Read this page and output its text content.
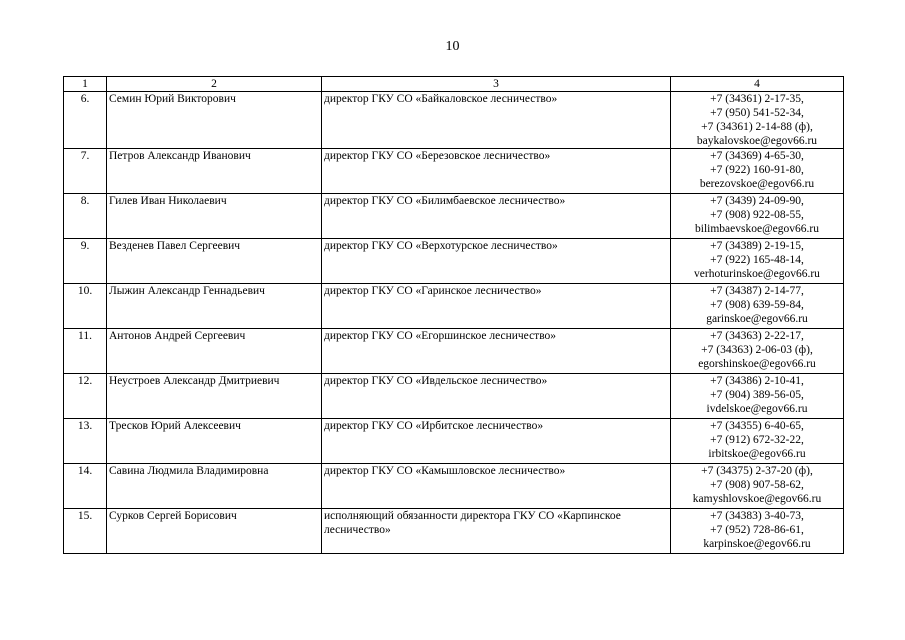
10
1	2	3	4
6.	Семин Юрий Викторович	директор ГКУ СО «Байкаловское лесничество»	+7 (34361) 2-17-35,
+7 (950) 541-52-34,
+7 (34361) 2-14-88 (ф),
baykalovskoe@egov66.ru

7.	Петров Александр Иванович	директор ГКУ СО «Березовское лесничество»	+7 (34369) 4-65-30,
+7 (922) 160-91-80,
berezovskoe@egov66.ru

8.	Гилев Иван Николаевич	директор ГКУ СО «Билимбаевское лесничество»	+7 (3439) 24-09-90,
+7 (908) 922-08-55,
bilimbaevskoe@egov66.ru

9.	Везденев Павел Сергеевич	директор ГКУ СО «Верхотурское лесничество»	+7 (34389) 2-19-15,
+7 (922) 165-48-14,
verhoturinskoe@egov66.ru

10.	Лыжин Александр Геннадьевич	директор ГКУ СО «Гаринское лесничество»	+7 (34387) 2-14-77,
+7 (908) 639-59-84,
garinskoe@egov66.ru

11.	Антонов Андрей Сергеевич	директор ГКУ СО «Егоршинское лесничество»	+7 (34363) 2-22-17,
+7 (34363) 2-06-03 (ф),
egorshinskoe@egov66.ru

12.	Неустроев Александр Дмитриевич	директор ГКУ СО «Ивдельское лесничество»	+7 (34386) 2-10-41,
+7 (904) 389-56-05,
ivdelskoe@egov66.ru

13.	Тресков Юрий Алексеевич	директор ГКУ СО «Ирбитское лесничество»	+7 (34355) 6-40-65,
+7 (912) 672-32-22,
irbitskoe@egov66.ru

14.	Савина Людмила Владимировна	директор ГКУ СО «Камышловское лесничество»	+7 (34375) 2-37-20 (ф),
+7 (908) 907-58-62,
kamyshlovskoe@egov66.ru

15.	Сурков Сергей Борисович	исполняющий обязанности директора ГКУ СО «Карпинское лесничество»	+7 (34383) 3-40-73,
+7 (952) 728-86-61,
karpinskoe@egov66.ru
